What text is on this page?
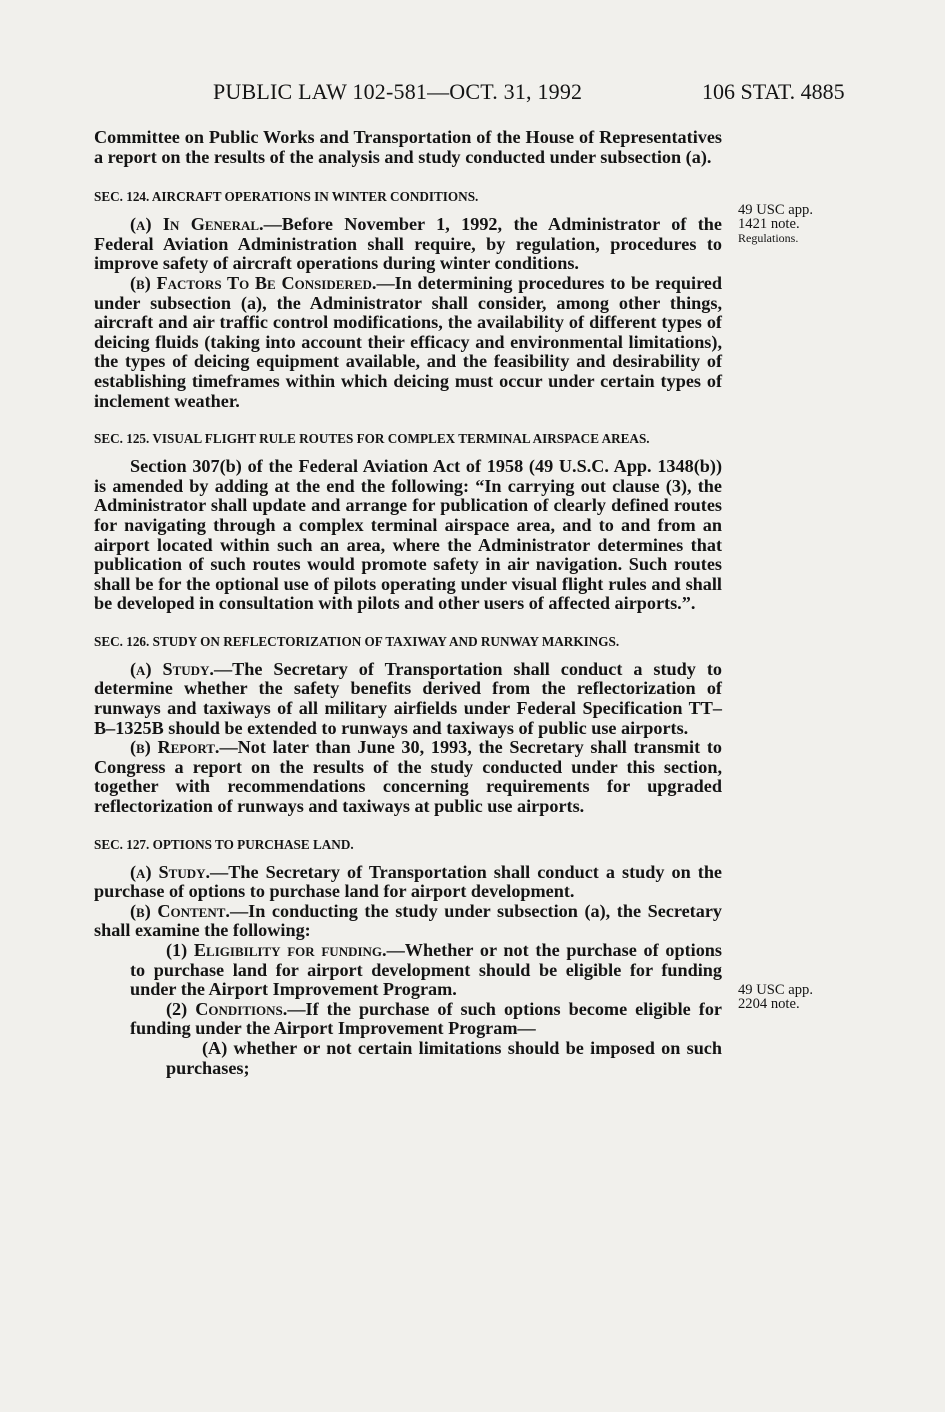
PUBLIC LAW 102-581—OCT. 31, 1992	106 STAT. 4885
49 USC app.
1421 note.
Regulations.
49 USC app.
2204 note.

Committee on Public Works and Transportation of the House of Representatives a report on the results of the analysis and study conducted under subsection (a).

SEC. 124. AIRCRAFT OPERATIONS IN WINTER CONDITIONS.

(a) In General.—Before November 1, 1992, the Administrator of the Federal Aviation Administration shall require, by regulation, procedures to improve safety of aircraft operations during winter conditions.

(b) Factors To Be Considered.—In determining procedures to be required under subsection (a), the Administrator shall consider, among other things, aircraft and air traffic control modifications, the availability of different types of deicing fluids (taking into account their efficacy and environmental limitations), the types of deicing equipment available, and the feasibility and desirability of establishing timeframes within which deicing must occur under certain types of inclement weather.

SEC. 125. VISUAL FLIGHT RULE ROUTES FOR COMPLEX TERMINAL AIRSPACE AREAS.

Section 307(b) of the Federal Aviation Act of 1958 (49 U.S.C. App. 1348(b)) is amended by adding at the end the following: “In carrying out clause (3), the Administrator shall update and arrange for publication of clearly defined routes for navigating through a complex terminal airspace area, and to and from an airport located within such an area, where the Administrator determines that publication of such routes would promote safety in air navigation. Such routes shall be for the optional use of pilots operating under visual flight rules and shall be developed in consultation with pilots and other users of affected airports.”.

SEC. 126. STUDY ON REFLECTORIZATION OF TAXIWAY AND RUNWAY MARKINGS.

(a) Study.—The Secretary of Transportation shall conduct a study to determine whether the safety benefits derived from the reflectorization of runways and taxiways of all military airfields under Federal Specification TT–B–1325B should be extended to runways and taxiways of public use airports.

(b) Report.—Not later than June 30, 1993, the Secretary shall transmit to Congress a report on the results of the study conducted under this section, together with recommendations concerning requirements for upgraded reflectorization of runways and taxiways at public use airports.

SEC. 127. OPTIONS TO PURCHASE LAND.

(a) Study.—The Secretary of Transportation shall conduct a study on the purchase of options to purchase land for airport development.

(b) Content.—In conducting the study under subsection (a), the Secretary shall examine the following:

(1) Eligibility for funding.—Whether or not the purchase of options to purchase land for airport development should be eligible for funding under the Airport Improvement Program.

(2) Conditions.—If the purchase of such options become eligible for funding under the Airport Improvement Program—

(A) whether or not certain limitations should be imposed on such purchases;
